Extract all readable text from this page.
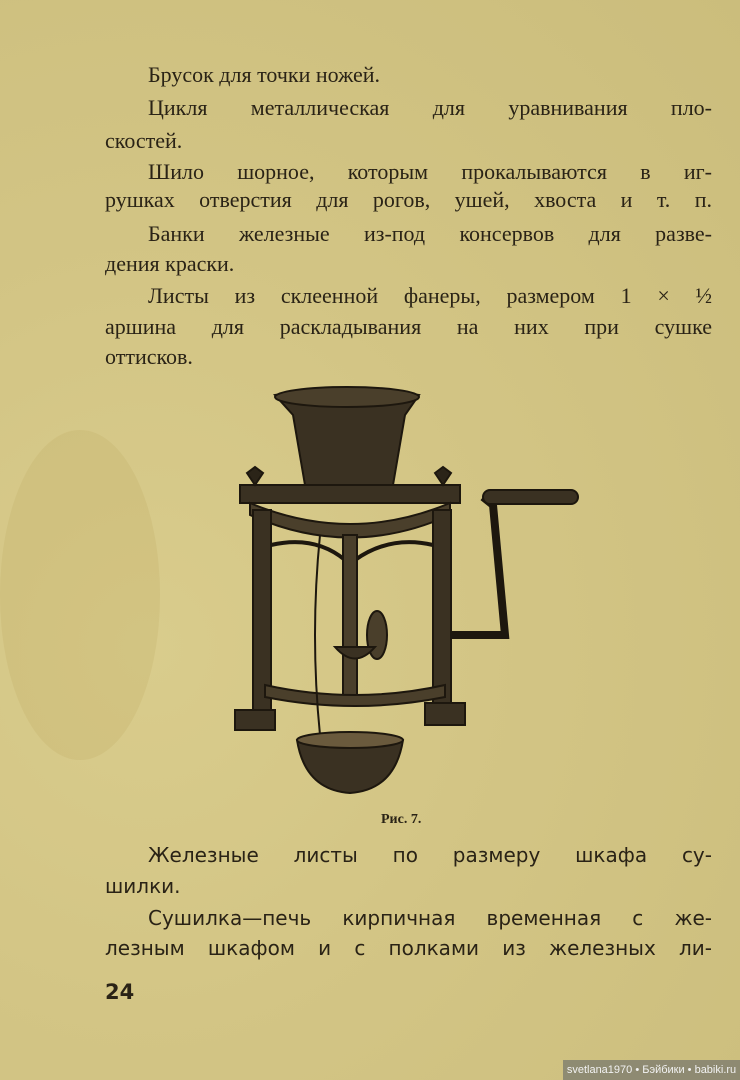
Брусок для точки ножей.
Цикля металлическая для уравнивания пло-
скостей.
Шило шорное, которым прокалываются в иг-
рушках отверстия для рогов, ушей, хвоста и т. п.
Банки железные из-под консервов для разве-
дения краски.
Листы из склеенной фанеры, размером 1 × ½
аршина для раскладывания на них при сушке
оттисков.
Рис. 7.
Железные листы по размеру шкафа су-
шилки.
Сушилка—печь кирпичная временная с же-
лезным шкафом и с полками из железных ли-
24
svetlana1970 • Бэйбики • babiki.ru
